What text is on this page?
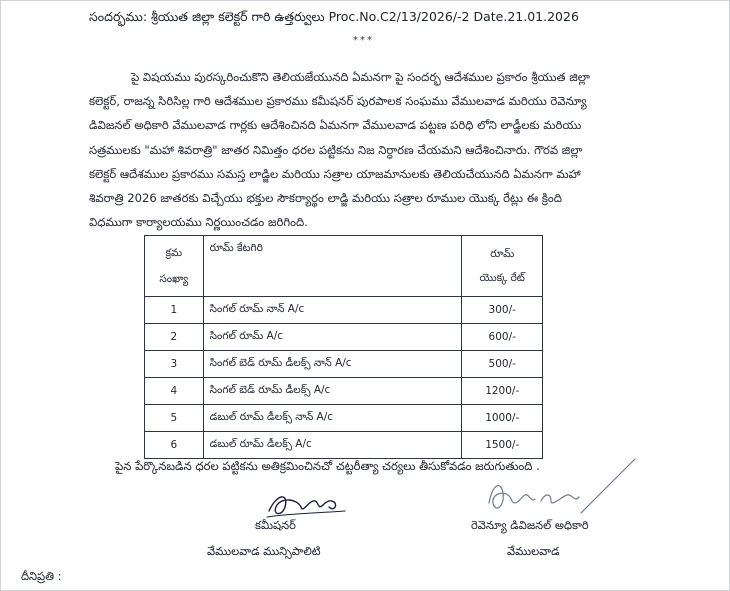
సందర్భము: శ్రీయుత జిల్లా కలెక్టర్ గారి ఉత్తర్వులు Proc.No.C2/13/2026/-2 Date.21.01.2026
***
పై విషయము పురస్కరించుకొని తెలియజేయునది ఏమనగా పై సందర్భ ఆదేశముల ప్రకారం శ్రీయుత జిల్లా
కలెక్టర్, రాజన్న సిరిసిల్ల గారి ఆదేశముల ప్రకారము కమీషనర్ పురపాలక సంఘము వేములవాడ మరియు రెవెన్యూ
డివిజనల్ అధికారి వేములవాడ గార్లకు ఆదేశించినది ఏమనగా వేములవాడ పట్టణ పరిధి లోని లాడ్జీలకు మరియు
సత్రములకు "మహా శివరాత్రి" జాతర నిమిత్తం ధరల పట్టికను నిజ నిర్ధారణ చేయమని ఆదేశించినారు. గౌరవ జిల్లా
కలెక్టర్ ఆదేశముల ప్రకారము సమస్త లాడ్జిల మరియు సత్రాల యాజమానులకు తెలియచేయునది ఏమనగా మహా
శివరాత్రి 2026 జాతరకు విచ్చేయు భక్తుల సౌకర్యార్థం లాడ్జి మరియు సత్రాల రూముల యొక్క రేట్లు ఈ క్రింది
విధముగా కార్యాలయము నిర్ణయించడం జరిగింది.
క్రమ
సంఖ్యా	రూమ్ కేటగిరి	రూమ్
యొక్క రేట్
1	సింగల్ రూమ్ నాన్ A/c	300/-
2	సింగల్ రూమ్ A/c	600/-
3	సింగల్ బెడ్ రూమ్ డీలక్స్ నాన్ A/c	500/-
4	సింగల్ బెడ్ రూమ్ డీలక్స్ A/c	1200/-
5	డబుల్ రూమ్ డీలక్స్ నాన్ A/c	1000/-
6	డబుల్ రూమ్ డీలక్స్ A/c	1500/-
పైన పేర్కొనబడిన ధరల పట్టికను అతిక్రమించినచో చట్టరీత్యా చర్యలు తీసుకోవడం జరుగుతుంది .
కమీషనర్	రెవెన్యూ డివిజనల్ అధికారి
వేములవాడ మున్సిపాలిటి	వేములవాడ
దీనిప్రతి :
